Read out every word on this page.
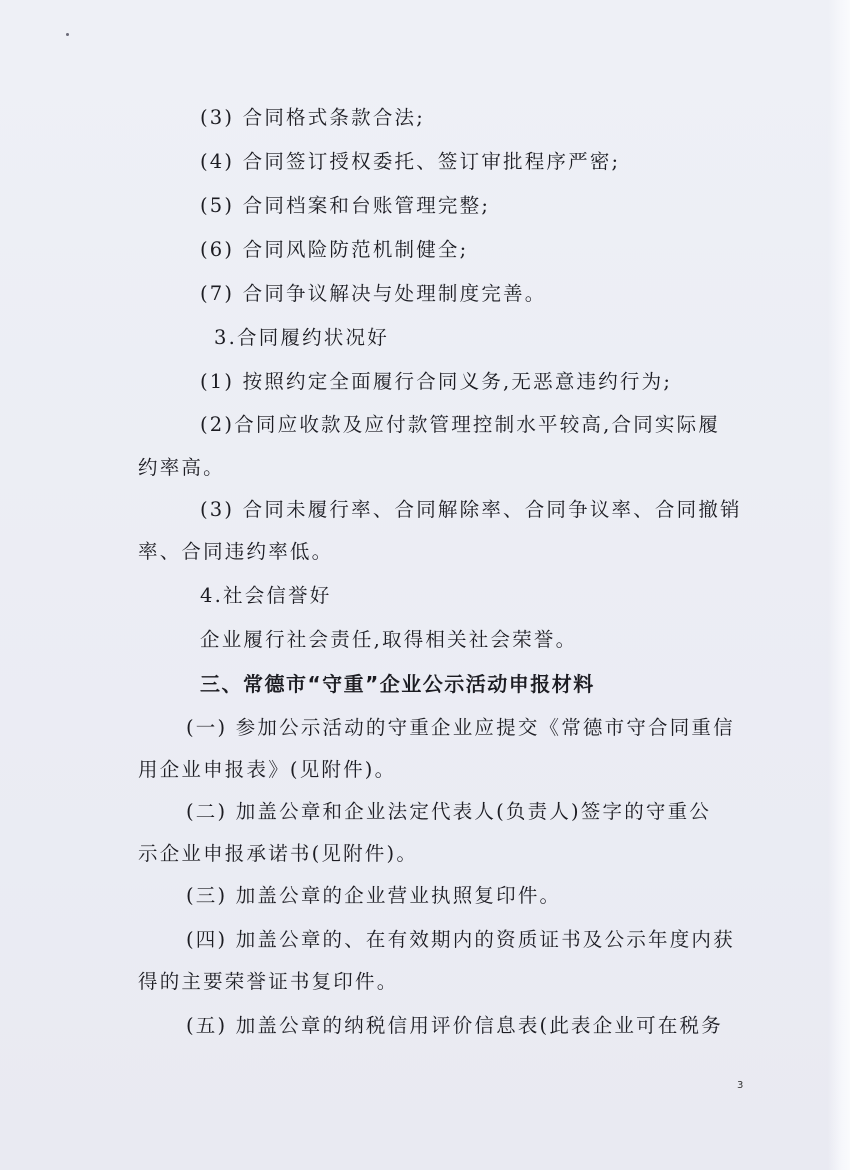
(3) 合同格式条款合法;
(4) 合同签订授权委托、签订审批程序严密;
(5) 合同档案和台账管理完整;
(6) 合同风险防范机制健全;
(7) 合同争议解决与处理制度完善。
3.合同履约状况好
(1) 按照约定全面履行合同义务,无恶意违约行为;
(2)合同应收款及应付款管理控制水平较高,合同实际履
约率高。
(3) 合同未履行率、合同解除率、合同争议率、合同撤销
率、合同违约率低。
4.社会信誉好
企业履行社会责任,取得相关社会荣誉。
三、常德市“守重”企业公示活动申报材料
(一) 参加公示活动的守重企业应提交《常德市守合同重信
用企业申报表》(见附件)。
(二) 加盖公章和企业法定代表人(负责人)签字的守重公
示企业申报承诺书(见附件)。
(三) 加盖公章的企业营业执照复印件。
(四) 加盖公章的、在有效期内的资质证书及公示年度内获
得的主要荣誉证书复印件。
(五) 加盖公章的纳税信用评价信息表(此表企业可在税务
3
